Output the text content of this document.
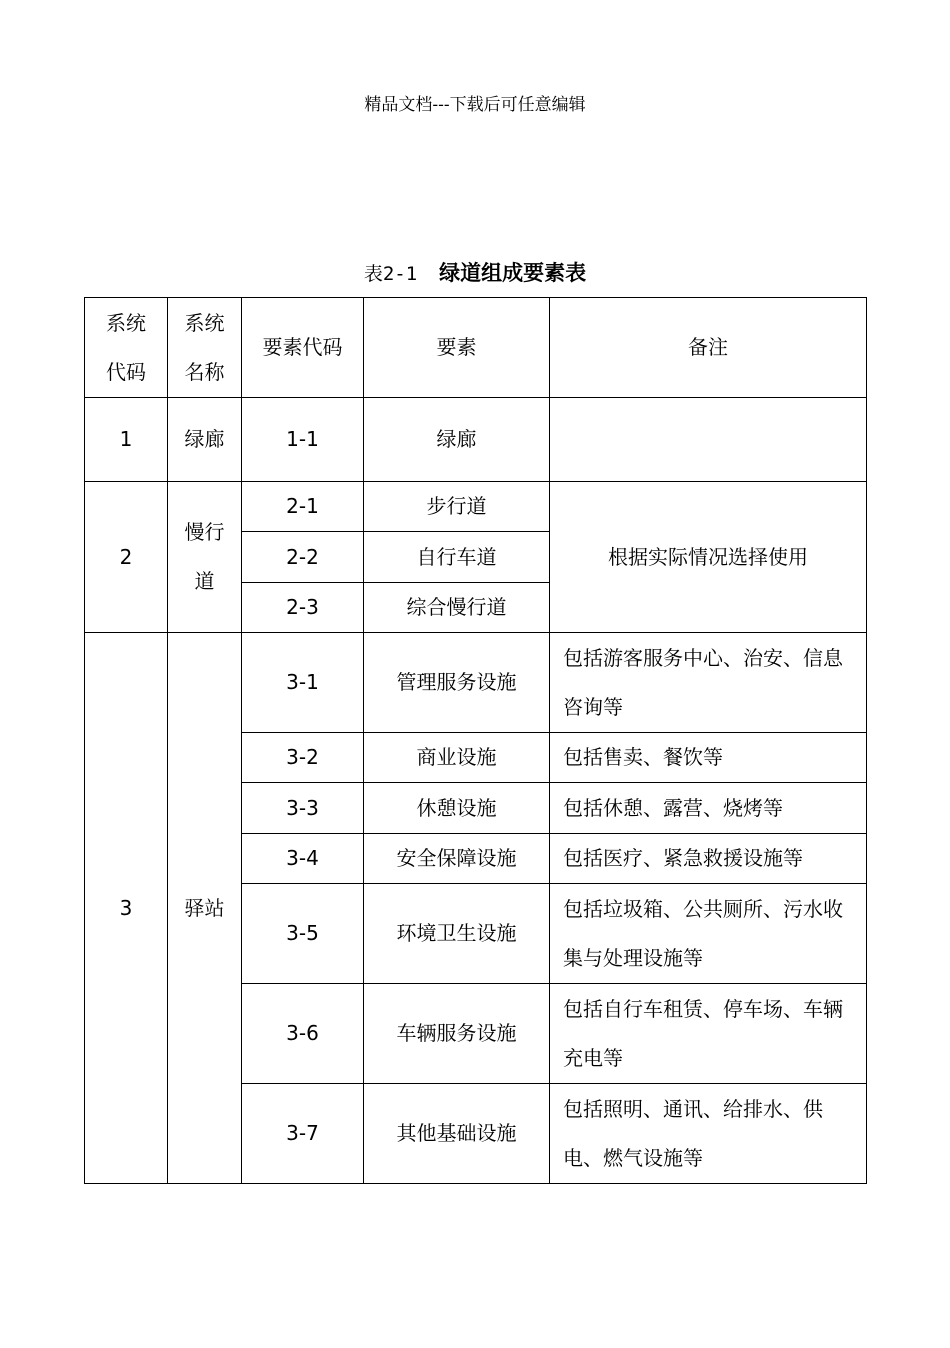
精品文档---下载后可任意编辑
表2-1 绿道组成要素表
系统代码	系统名称	要素代码	要素	备注
1	绿廊	1-1	绿廊	
2	慢行道	2-1	步行道	根据实际情况选择使用
		2-2	自行车道	
		2-3	综合慢行道	
3	驿站	3-1	管理服务设施	包括游客服务中心、治安、信息咨询等
		3-2	商业设施	包括售卖、餐饮等
		3-3	休憩设施	包括休憩、露营、烧烤等
		3-4	安全保障设施	包括医疗、紧急救援设施等
		3-5	环境卫生设施	包括垃圾箱、公共厕所、污水收集与处理设施等
		3-6	车辆服务设施	包括自行车租赁、停车场、车辆充电等
		3-7	其他基础设施	包括照明、通讯、给排水、供电、燃气设施等
